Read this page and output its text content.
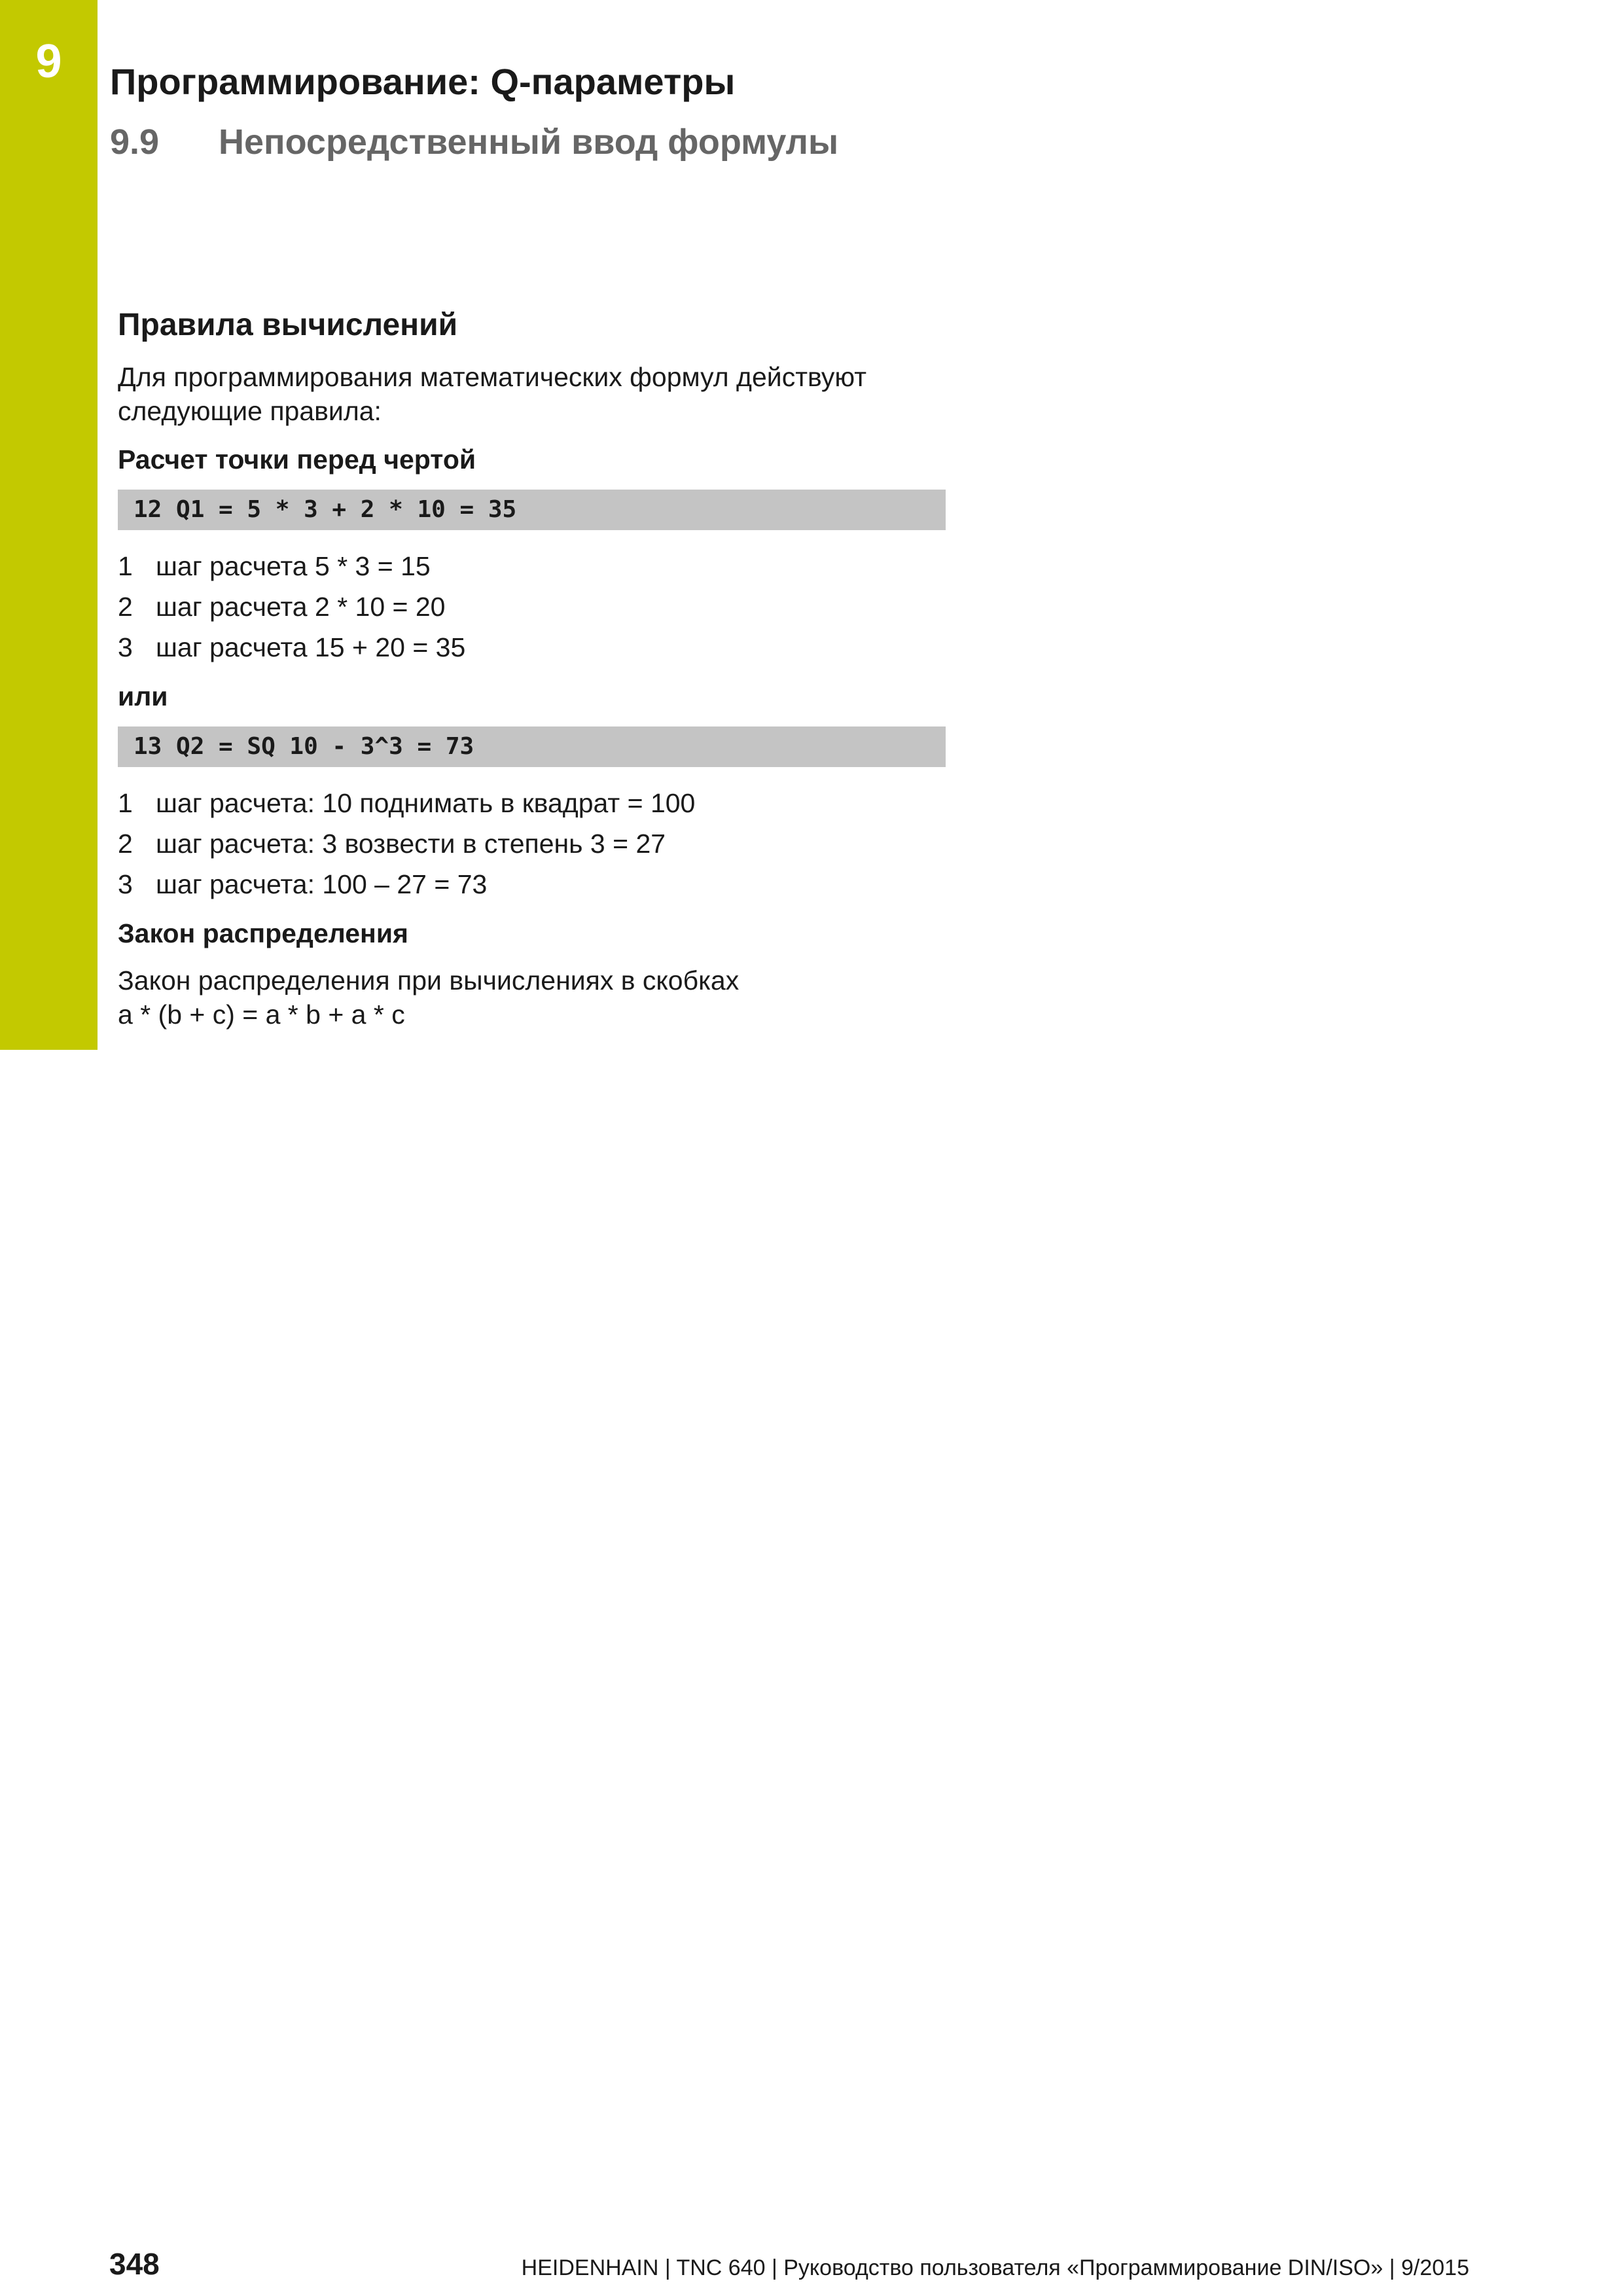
9	Программирование: Q-параметры
9.9 Непосредственный ввод формулы
Правила вычислений

Для программирования математических формул действуют следующие правила:

Расчет точки перед чертой
12 Q1 = 5 * 3 + 2 * 10 = 35
1 шаг расчета 5 * 3 = 15
2 шаг расчета 2 * 10 = 20
3 шаг расчета 15 + 20 = 35
или
13 Q2 = SQ 10 - 3^3 = 73
1 шаг расчета: 10 поднимать в квадрат = 100
2 шаг расчета: 3 возвести в степень 3 = 27
3 шаг расчета: 100 – 27 = 73
Закон распределения

Закон распределения при вычислениях в скобках
a * (b + c) = a * b + a * c

348	HEIDENHAIN | TNC 640 | Руководство пользователя «Программирование DIN/ISO» | 9/2015
